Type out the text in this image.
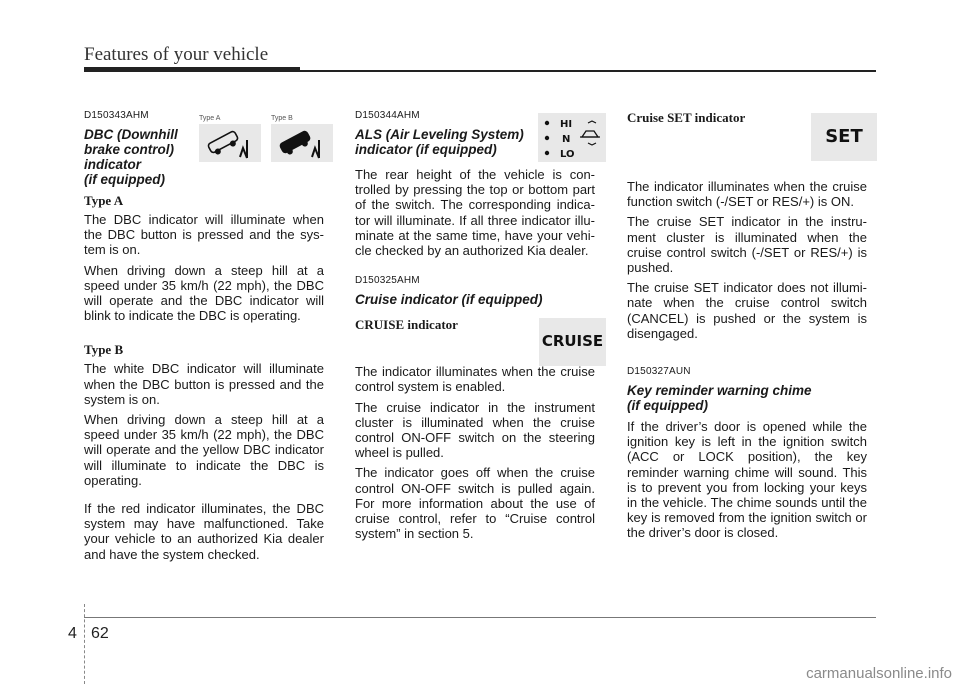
Features of your vehicle
Type A	Type B
HI
N
LO
CRUISE
SET
D150343AHM
DBC (Downhill
brake control)
indicator
(if equipped)
Type A

The DBC indicator will illuminate when the DBC button is pressed and the sys-tem is on.

When driving down a steep hill at a speed under 35 km/h (22 mph), the DBC will operate and the DBC indicator will blink to indicate the DBC is operating.

Type B

The white DBC indicator will illuminate when the DBC button is pressed and the system is on.

When driving down a steep hill at a speed under 35 km/h (22 mph), the DBC will operate and the yellow DBC indicator will illuminate to indicate the DBC is operating.

If the red indicator illuminates, the DBC system may have malfunctioned. Take your vehicle to an authorized Kia dealer and have the system checked.

D150344AHM
ALS (Air Leveling System)
indicator (if equipped)

The rear height of the vehicle is con-trolled by pressing the top or bottom part of the switch. The corresponding indica-tor will illuminate. If all three indicator illu-minate at the same time, have your vehi-cle checked by an authorized Kia dealer.

D150325AHM
Cruise indicator (if equipped)
CRUISE indicator

The indicator illuminates when the cruise control system is enabled.

The cruise indicator in the instrument cluster is illuminated when the cruise control ON-OFF switch on the steering wheel is pulled.

The indicator goes off when the cruise control ON-OFF switch is pulled again. For more information about the use of cruise control, refer to “Cruise control system” in section 5.

Cruise SET indicator

The indicator illuminates when the cruise function switch (-/SET or RES/+) is ON.

The cruise SET indicator in the instru-ment cluster is illuminated when the cruise control switch (-/SET or RES/+) is pushed.

The cruise SET indicator does not illumi-nate when the cruise control switch (CANCEL) is pushed or the system is disengaged.

D150327AUN
Key reminder warning chime
(if equipped)

If the driver’s door is opened while the ignition key is left in the ignition switch (ACC or LOCK position), the key reminder warning chime will sound. This is to prevent you from locking your keys in the vehicle. The chime sounds until the key is removed from the ignition switch or the driver’s door is closed.

4 62
carmanualsonline.info
